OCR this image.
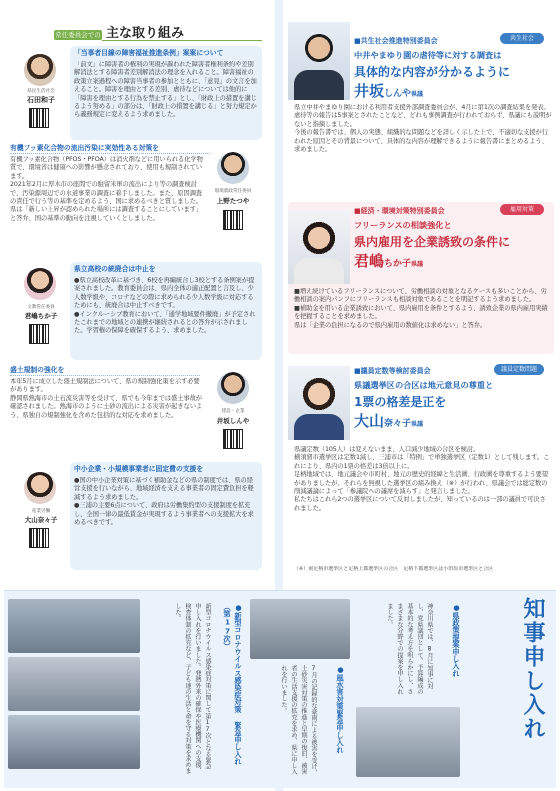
常任委員会での 主な取り組み
県民生活社会
石田和子
「当事者目線の障害福祉推進条例」案案について
「前文」に障害者の権利の実現が謳われた障害者権利条約や差別解消法とする障害者差別解消法の理念を入れること。障害福祉の政策立案過程への障害当事者の参加とともに、「意見」の文言を加えること。障害を理由とする差別、虐待などについては他的に「障害を理由とする行為を禁止する」とし、「財政上の措置を講じるよう努める」の部分は、「財政上の措置を講じる」と努力規定から義務規定に変えるよう求めました。
有機フッ素化合物の流出汚染に実効性ある対策を
有機フッ素化合物（PFOS・PFOA）は消火剤などに用いられる化学物質で、環境省は健康への影響が懸念されており、使用も規制されています。
2021年2月に厚木市の座間での駐留米軍の流出により等の調査検討で、汚染源周辺での水道事業の調査に着手しました。また、原因調査の責任で行う等の基準を定めるよう、国に求めるべきと質しました。
県は「新しい上昇が認められた場所には調査することにしています」と答弁、国の基準の動向を注視していくとしました。
環境農政常任委員
上野たつや
文教常任委員
君嶋ちか子
県立高校の統廃合は中止を
●県立高校改革に基づき、6校を再編統合し3校とする条例案が提案されました。教育委員会は、県内全体の適正配置と言及し、少人数学級や、コロナなどの際に求められる少人数学級に対応するためにも、統廃合は中止すべきです。
●インクルーシブ教育において、「通学地域要件撤廃」が予定されたこれまでの地域との連携が継続されるとの答弁が示されました。学習権の保障を確保するよう、求めました。
盛土規制の強化を
本年5月に成立した盛土規制法について、県の規制強化策を示す必要があります。
静岡県熱海市の土石流災害等を受けて、県でも今年までは盛土事故が確認されました。熱海市のように土砂の流出による災害が起きないよう、県独自の規制強化を含めた包括的な対応を求めました。
建設・企業
井坂しんや
産業労働
大山奈々子
中小企業・小規模事業者に固定費の支援を
●国の中小企業対策に基づく補助金などの県の制度では、県の経営支援を行いながら、地域経済を支える事業者の固定費負担を軽減するよう求めました。
●三浦の主要6点について、政府は労働集約型の支援制度を拡充し、全国一律の最低賃金が実現するよう事業者への支援拡大を求めるべきです。
■共生社会推進特別委員会	共生社会
中井やまゆり園の虐待等に対する調査は
具体的な内容が分かるように
井坂しんや県議
県立中井やまゆり園における利用者支援外部調査委員会が、4月に第1次の調査結果を発表。虐待等の報告は5事案とされたことなど、どれも事例調査が行われておらず、県議にも説明がないと指摘しました。
今後の報告書では、個人の実態、組織的な問題などを詳しく示した上で、不適切な支援が行われた原因とその背景について、具体的な内容が理解できるように報告書にまとめるよう、求めました。
■経済・環境対策特別委員会	雇用対策
フリーランスの相談強化と
県内雇用を企業誘致の条件に
君嶋ちか子県議
■増え続けているフリーランスについて、労働相談の対象となるケースも多いことから、労働相談の案内パンフにフリーランスも相談対象であることを明記するよう求めました。
■補助金を用いる企業誘致において、県内雇用を条件とするよう、誘致企業の県内雇用実績を把握することを求めました。
県は「企業の負担になるので県内雇用の数値化は求めない」と答弁。
■議員定数等検討委員会	議員定数問題
県議選挙区の合区は地元意見の尊重と
1票の格差是正を
大山奈々子県議
県議定数（105人）は変えないまま、人口減少地域の合区を検討。
横須賀市選挙区は定数1減し、三浦市は「特例」で単独選挙区（定数1）として残します。これにより、県内の1票の格差は3倍以上に。
足柄地域では、地元議会や市町村、地元の歴史的経緯と生活圏、行政圏を尊重するよう要望がありましたが、それらを無視した選挙区の組み換え（※）が行われ、県議会では総定数の削減議論によって「参議院への議席を減らす」と発言しました。
私たちはこれら2つの選挙区について反対しましたが、知っているのは一部の議員で可決されました。
（※）南足柄市選挙区と足柄上郡選挙区の合区　足柄下郡選挙区は小田原市選挙区と合区
●新型コロナウイルス感染症対策 緊急申し入れ（第17次）
新型コロナウイルス感染症対策に関して第17次となる緊急申し入れを行いました。発熱外来の確保や医療機関への支援、検査体制の拡充など、子ども達の生活と命を守る対策を求めました。
●風水害対策緊急申し入れ
7月の記録的な豪雨による被害を受け、土砂災害対策の推進と早期の復旧、被害者の生活支援の拡充を求め、県に申し入れを行いました。
●県政策提案申し入れ
神奈川県では、8月に知事に対し、党県議団として、予算編成の基本的な考え方を明らかにし、さまざまな分野での提案を申し入れました。	知事申し入れ
